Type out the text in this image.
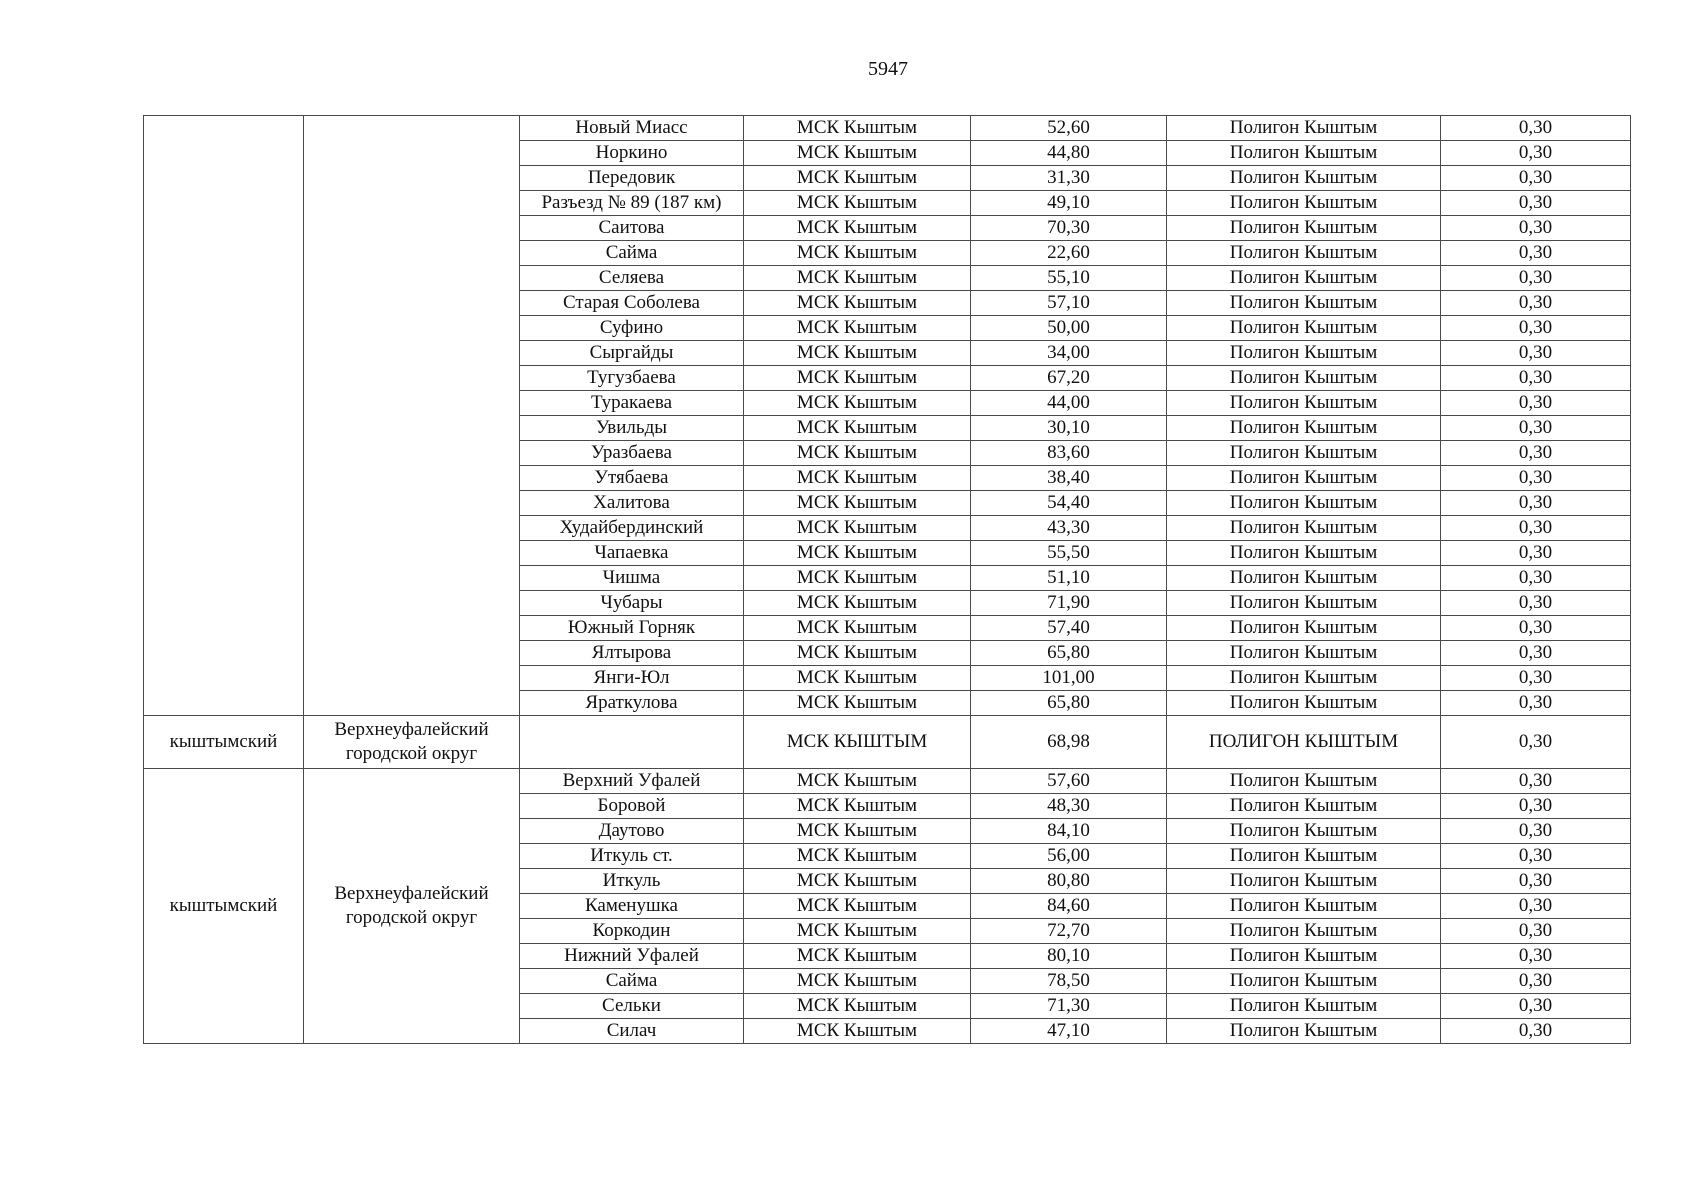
5947
		Новый Миасс	МСК Кыштым	52,60	Полигон Кыштым	0,30
		Норкино	МСК Кыштым	44,80	Полигон Кыштым	0,30
		Передовик	МСК Кыштым	31,30	Полигон Кыштым	0,30
		Разъезд № 89 (187 км)	МСК Кыштым	49,10	Полигон Кыштым	0,30
		Саитова	МСК Кыштым	70,30	Полигон Кыштым	0,30
		Сайма	МСК Кыштым	22,60	Полигон Кыштым	0,30
		Селяева	МСК Кыштым	55,10	Полигон Кыштым	0,30
		Старая Соболева	МСК Кыштым	57,10	Полигон Кыштым	0,30
		Суфино	МСК Кыштым	50,00	Полигон Кыштым	0,30
		Сыргайды	МСК Кыштым	34,00	Полигон Кыштым	0,30
		Тугузбаева	МСК Кыштым	67,20	Полигон Кыштым	0,30
		Туракаева	МСК Кыштым	44,00	Полигон Кыштым	0,30
		Увильды	МСК Кыштым	30,10	Полигон Кыштым	0,30
		Уразбаева	МСК Кыштым	83,60	Полигон Кыштым	0,30
		Утябаева	МСК Кыштым	38,40	Полигон Кыштым	0,30
		Халитова	МСК Кыштым	54,40	Полигон Кыштым	0,30
		Худайбердинский	МСК Кыштым	43,30	Полигон Кыштым	0,30
		Чапаевка	МСК Кыштым	55,50	Полигон Кыштым	0,30
		Чишма	МСК Кыштым	51,10	Полигон Кыштым	0,30
		Чубары	МСК Кыштым	71,90	Полигон Кыштым	0,30
		Южный Горняк	МСК Кыштым	57,40	Полигон Кыштым	0,30
		Ялтырова	МСК Кыштым	65,80	Полигон Кыштым	0,30
		Янги-Юл	МСК Кыштым	101,00	Полигон Кыштым	0,30
		Яраткулова	МСК Кыштым	65,80	Полигон Кыштым	0,30
кыштымский	Верхнеуфалейский городской округ		МСК КЫШТЫМ	68,98	ПОЛИГОН КЫШТЫМ	0,30
кыштымский	Верхнеуфалейский городской округ	Верхний Уфалей	МСК Кыштым	57,60	Полигон Кыштым	0,30
		Боровой	МСК Кыштым	48,30	Полигон Кыштым	0,30
		Даутово	МСК Кыштым	84,10	Полигон Кыштым	0,30
		Иткуль ст.	МСК Кыштым	56,00	Полигон Кыштым	0,30
		Иткуль	МСК Кыштым	80,80	Полигон Кыштым	0,30
		Каменушка	МСК Кыштым	84,60	Полигон Кыштым	0,30
		Коркодин	МСК Кыштым	72,70	Полигон Кыштым	0,30
		Нижний Уфалей	МСК Кыштым	80,10	Полигон Кыштым	0,30
		Сайма	МСК Кыштым	78,50	Полигон Кыштым	0,30
		Сельки	МСК Кыштым	71,30	Полигон Кыштым	0,30
		Силач	МСК Кыштым	47,10	Полигон Кыштым	0,30
